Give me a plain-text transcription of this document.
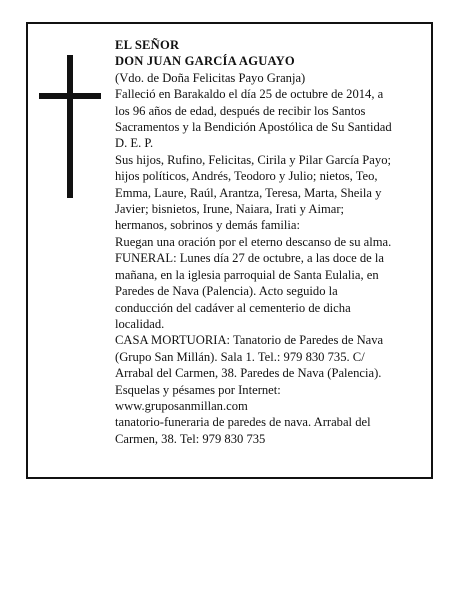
EL SEÑOR
DON JUAN GARCÍA AGUAYO
(Vdo. de Doña Felicitas Payo Granja)
Falleció en Barakaldo el día 25 de octubre de 2014, a
los 96 años de edad, después de recibir los Santos
Sacramentos y la Bendición Apostólica de Su Santidad
D. E. P.
Sus hijos, Rufino, Felicitas, Cirila y Pilar García Payo;
hijos políticos, Andrés, Teodoro y Julio; nietos, Teo,
Emma, Laure, Raúl, Arantza, Teresa, Marta, Sheila y
Javier; bisnietos, Irune, Naiara, Irati y Aimar;
hermanos, sobrinos y demás familia:
Ruegan una oración por el eterno descanso de su alma.
FUNERAL: Lunes día 27 de octubre, a las doce de la
mañana, en la iglesia parroquial de Santa Eulalia, en
Paredes de Nava (Palencia). Acto seguido la
conducción del cadáver al cementerio de dicha
localidad.
CASA MORTUORIA: Tanatorio de Paredes de Nava
(Grupo San Millán). Sala 1. Tel.: 979 830 735. C/
Arrabal del Carmen, 38. Paredes de Nava (Palencia).
Esquelas y pésames por Internet:
www.gruposanmillan.com
tanatorio-funeraria de paredes de nava. Arrabal del
Carmen, 38. Tel: 979 830 735
